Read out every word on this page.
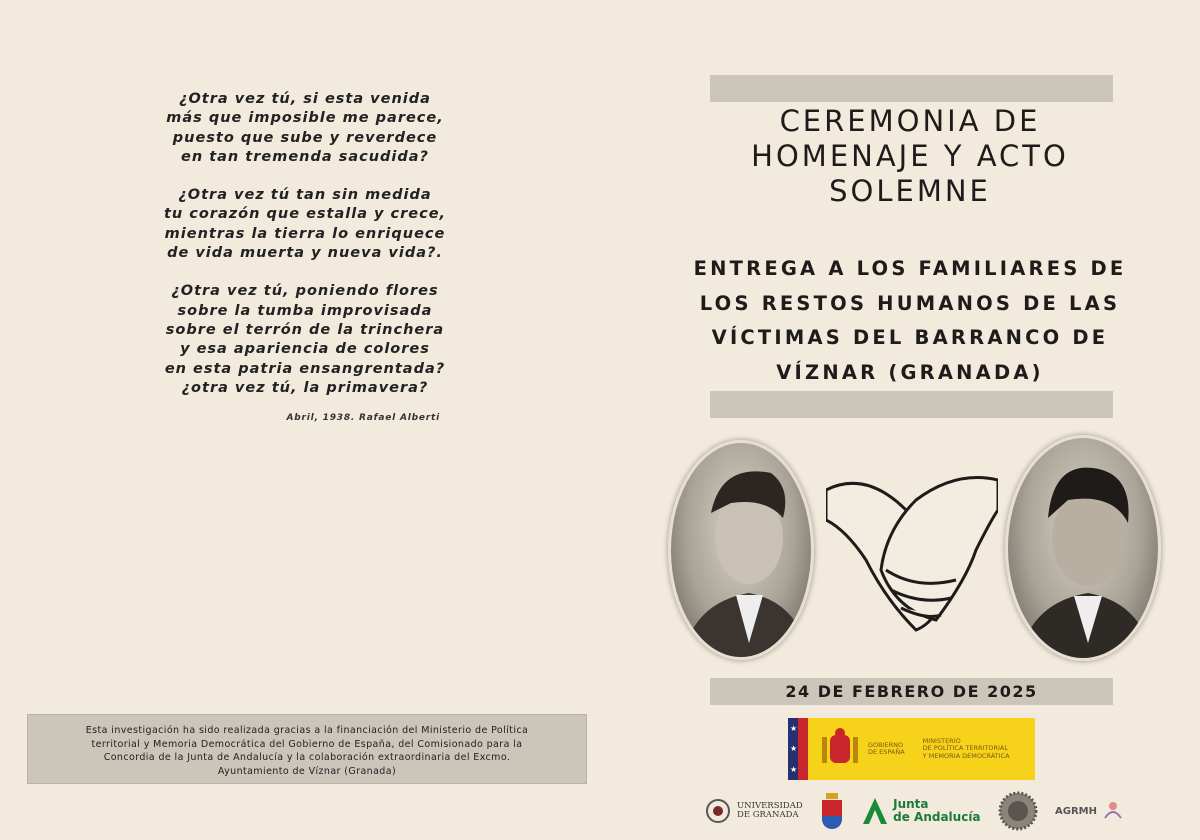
¿Otra vez tú, si esta venida
más que imposible me parece,
puesto que sube y reverdece
en tan tremenda sacudida?
¿Otra vez tú tan sin medida
tu corazón que estalla y crece,
mientras la tierra lo enriquece
de vida muerta y nueva vida?.
¿Otra vez tú, poniendo flores
sobre la tumba improvisada
sobre el terrón de la trinchera
y esa apariencia de colores
en esta patria ensangrentada?
¿otra vez tú, la primavera?
Abril, 1938. Rafael Alberti
Esta investigación ha sido realizada gracias a la financiación del Ministerio de Política
territorial y Memoria Democrática del Gobierno de España, del Comisionado para la
Concordia de la Junta de Andalucía y la colaboración extraordinaria del Excmo.
Ayuntamiento de Víznar (Granada)
CEREMONIA DE
HOMENAJE Y ACTO
SOLEMNE
ENTREGA A LOS FAMILIARES DE
LOS RESTOS HUMANOS DE LAS
VÍCTIMAS DEL BARRANCO DE
VÍZNAR (GRANADA)
24 DE FEBRERO DE 2025
★
★
★
GOBIERNO
DE ESPAÑA
MINISTERIO
DE POLÍTICA TERRITORIAL
Y MEMORIA DEMOCRÁTICA
UNIVERSIDAD
DE GRANADA
Junta
de Andalucía	AGRMH
